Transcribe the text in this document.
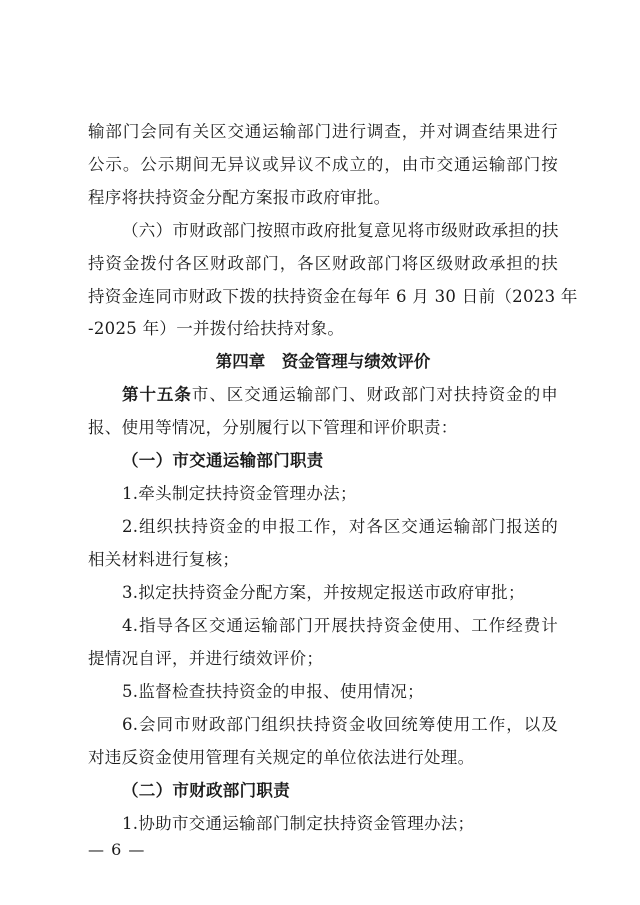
输部门会同有关区交通运输部门进行调查，并对调查结果进行
公示。公示期间无异议或异议不成立的，由市交通运输部门按
程序将扶持资金分配方案报市政府审批。
（六）市财政部门按照市政府批复意见将市级财政承担的扶
持资金拨付各区财政部门，各区财政部门将区级财政承担的扶
持资金连同市财政下拨的扶持资金在每年 6 月 30 日前（2023 年
-2025 年）一并拨付给扶持对象。
第四章　资金管理与绩效评价
第十五条市、区交通运输部门、财政部门对扶持资金的申
报、使用等情况，分别履行以下管理和评价职责：
（一）市交通运输部门职责
1.牵头制定扶持资金管理办法；
2.组织扶持资金的申报工作，对各区交通运输部门报送的
相关材料进行复核；
3.拟定扶持资金分配方案，并按规定报送市政府审批；
4.指导各区交通运输部门开展扶持资金使用、工作经费计
提情况自评，并进行绩效评价；
5.监督检查扶持资金的申报、使用情况；
6.会同市财政部门组织扶持资金收回统筹使用工作，以及
对违反资金使用管理有关规定的单位依法进行处理。
（二）市财政部门职责
1.协助市交通运输部门制定扶持资金管理办法；
— 6 —
